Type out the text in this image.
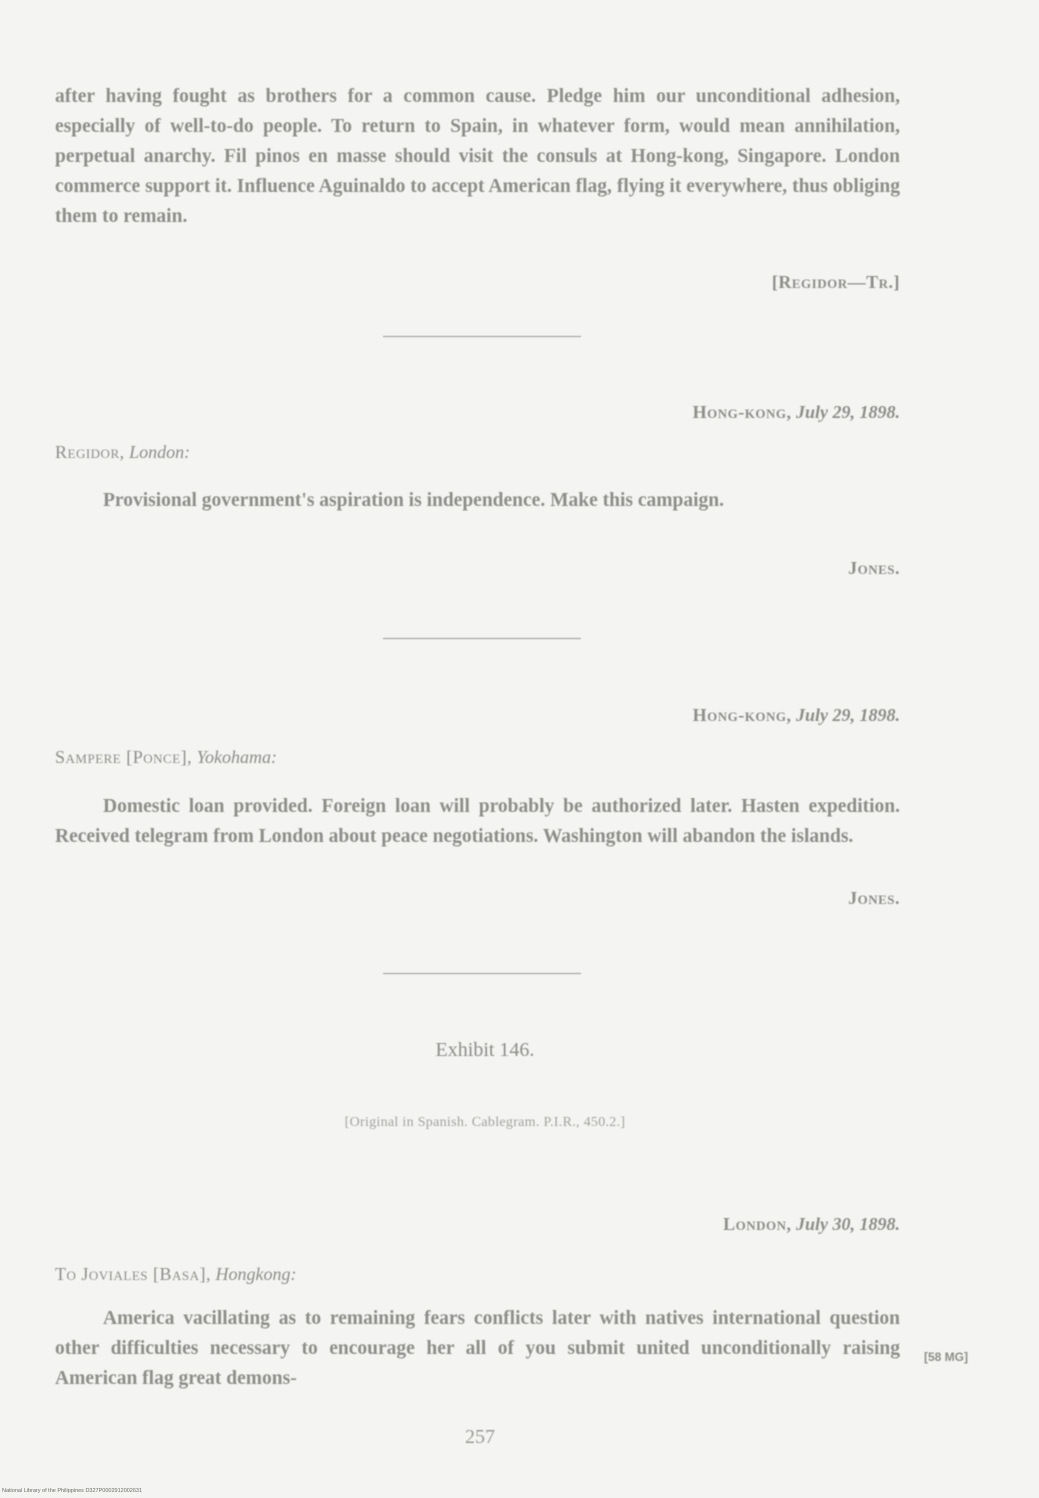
after having fought as brothers for a common cause. Pledge him our unconditional adhesion, especially of well-to-do people. To return to Spain, in whatever form, would mean annihilation, perpetual anarchy. Fil pinos en masse should visit the consuls at Hong-kong, Singapore. London commerce support it. Influence Aguinaldo to accept American flag, flying it everywhere, thus obliging them to remain.
[Regidor—Tr.]
Hong-kong, July 29, 1898.
Regidor, London:
Provisional government's aspiration is independence. Make this campaign.
Jones.
Hong-kong, July 29, 1898.
Sampere [Ponce], Yokohama:
Domestic loan provided. Foreign loan will probably be authorized later. Hasten expedition. Received telegram from London about peace negotiations. Washington will abandon the islands.
Jones.
Exhibit 146.
[Original in Spanish. Cablegram. P.I.R., 450.2.]
London, July 30, 1898.
To Joviales [Basa], Hongkong:
America vacillating as to remaining fears conflicts later with natives international question other difficulties necessary to encourage her all of you submit united unconditionally raising American flag great demons-
[58 MG]
257
National Library of the Philippines D327P0002912002631
